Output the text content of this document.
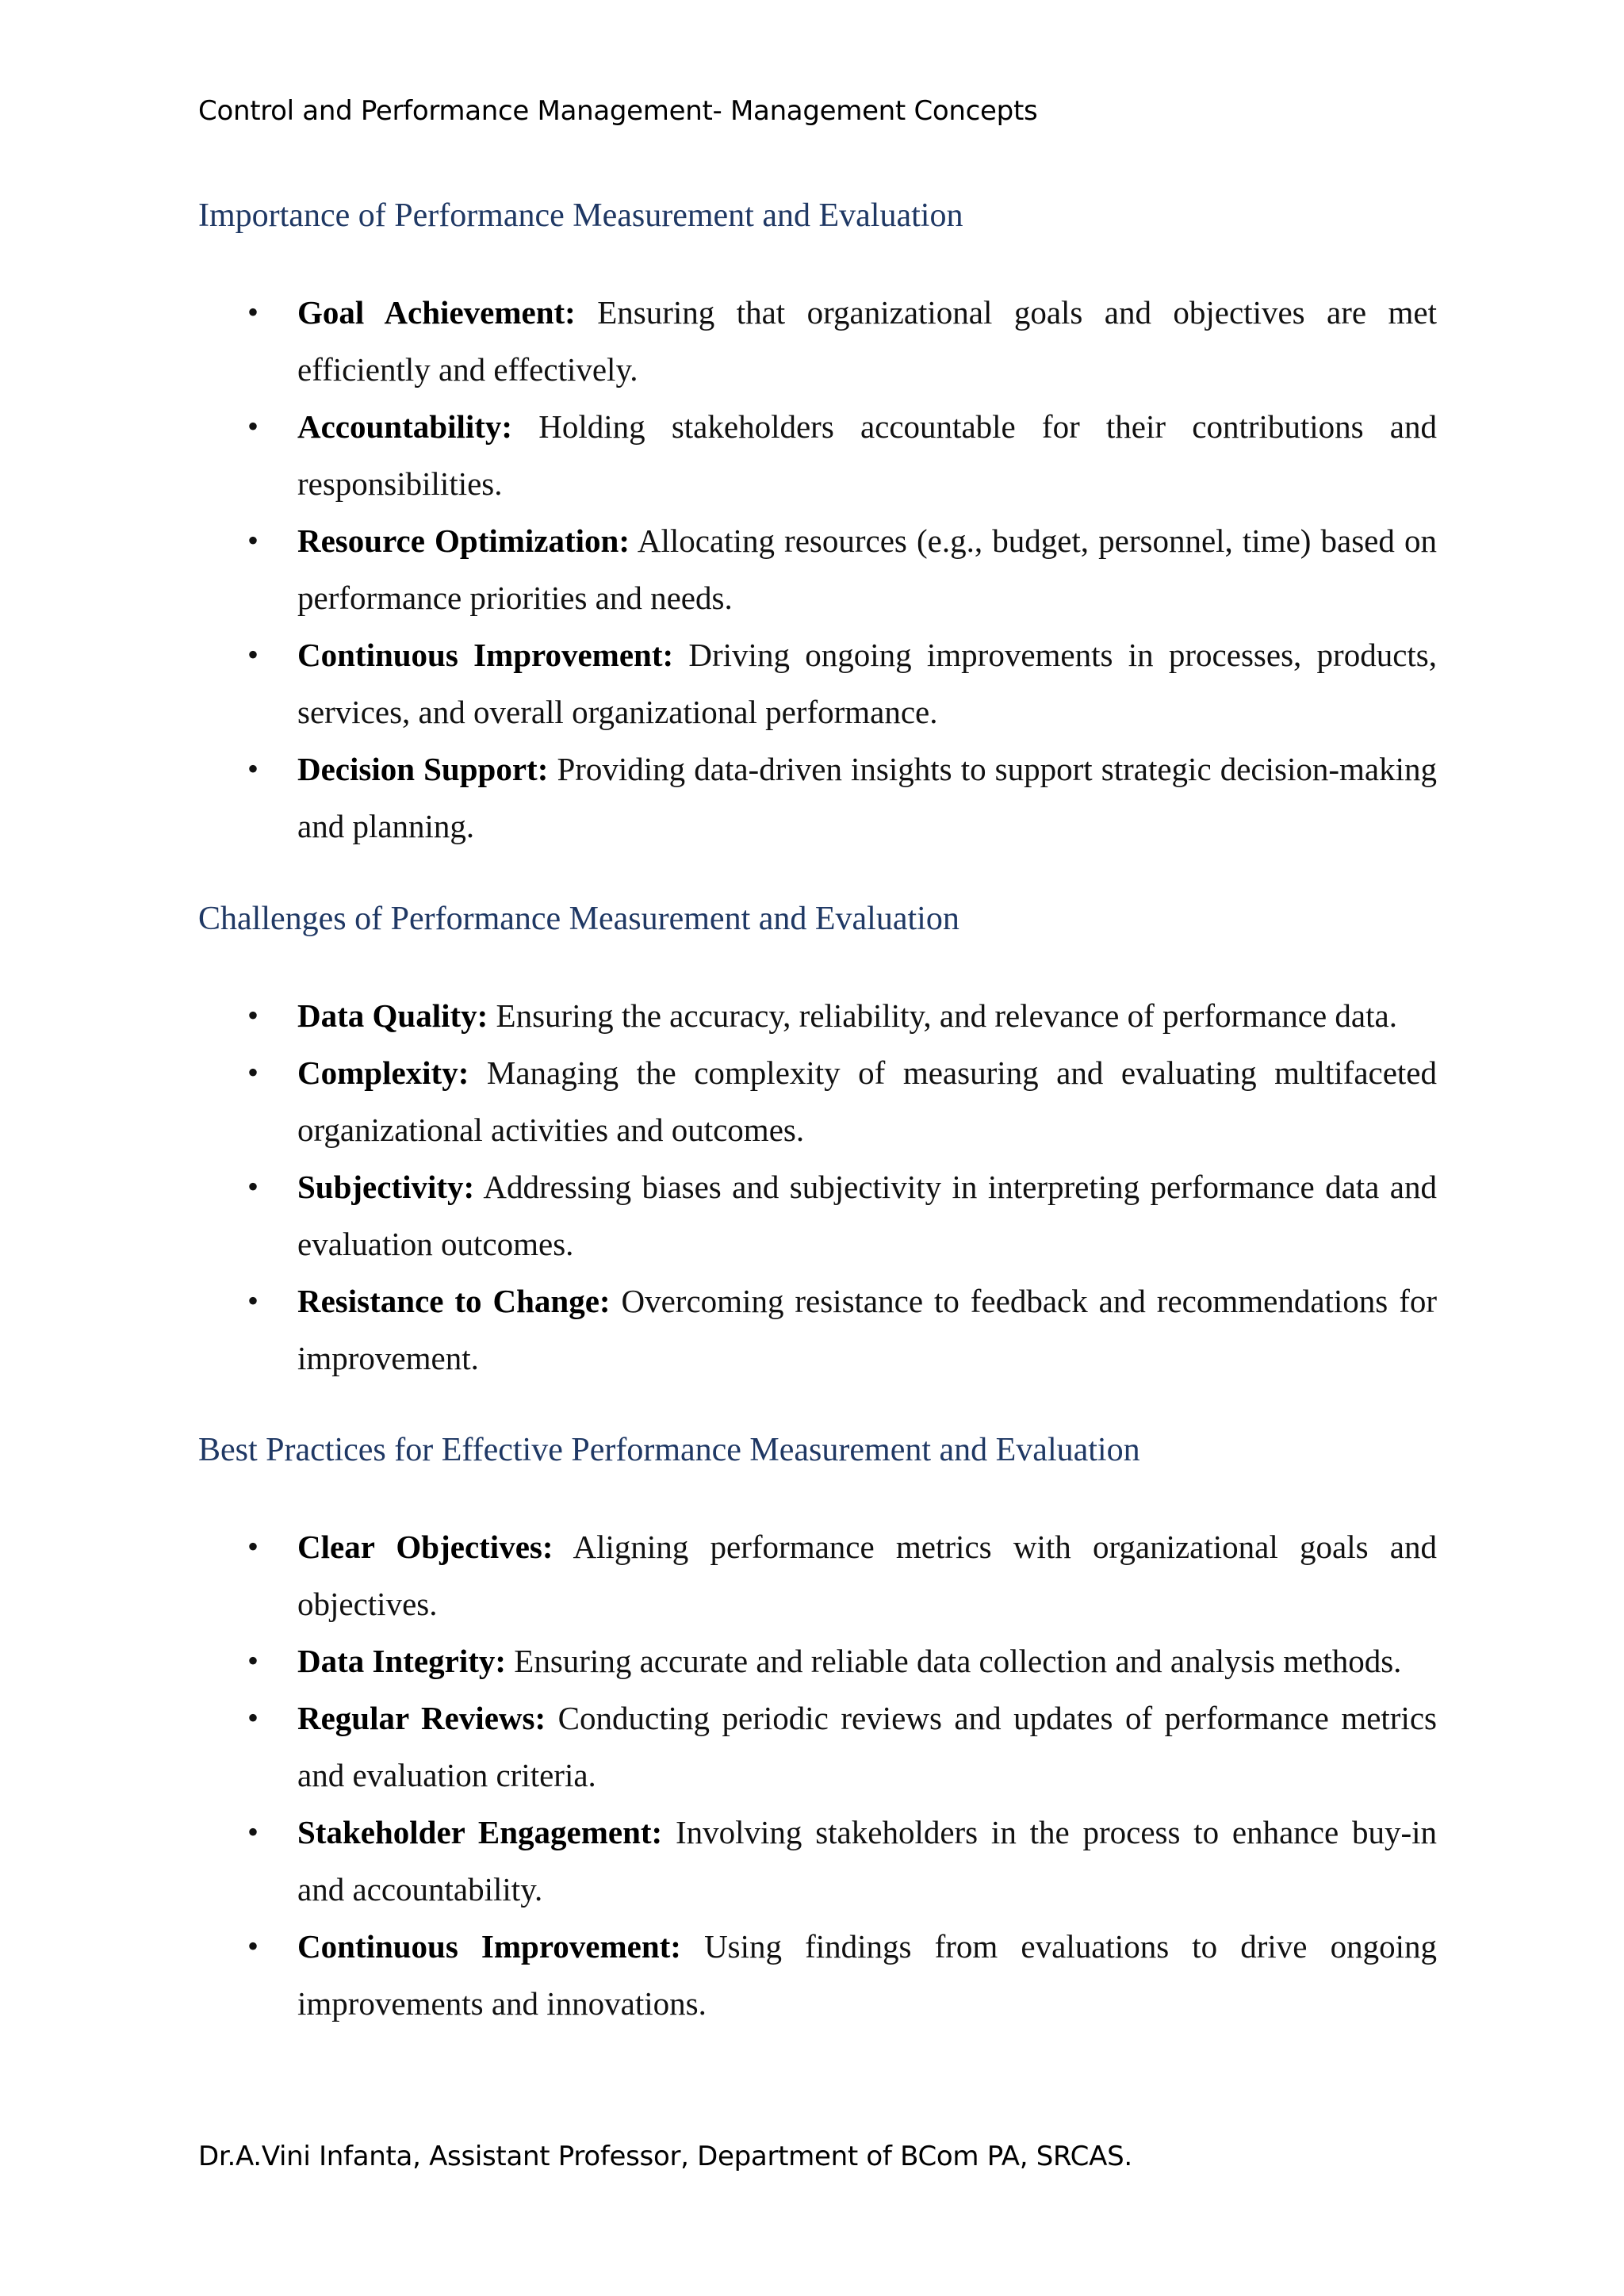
Control and Performance Management- Management Concepts
Importance of Performance Measurement and Evaluation
• Goal Achievement: Ensuring that organizational goals and objectives are met efficiently and effectively.
• Accountability: Holding stakeholders accountable for their contributions and responsibilities.
• Resource Optimization: Allocating resources (e.g., budget, personnel, time) based on performance priorities and needs.
• Continuous Improvement: Driving ongoing improvements in processes, products, services, and overall organizational performance.
• Decision Support: Providing data-driven insights to support strategic decision-making and planning.
Challenges of Performance Measurement and Evaluation
• Data Quality: Ensuring the accuracy, reliability, and relevance of performance data.
• Complexity: Managing the complexity of measuring and evaluating multifaceted organizational activities and outcomes.
• Subjectivity: Addressing biases and subjectivity in interpreting performance data and evaluation outcomes.
• Resistance to Change: Overcoming resistance to feedback and recommendations for improvement.
Best Practices for Effective Performance Measurement and Evaluation
• Clear Objectives: Aligning performance metrics with organizational goals and objectives.
• Data Integrity: Ensuring accurate and reliable data collection and analysis methods.
• Regular Reviews: Conducting periodic reviews and updates of performance metrics and evaluation criteria.
• Stakeholder Engagement: Involving stakeholders in the process to enhance buy-in and accountability.
• Continuous Improvement: Using findings from evaluations to drive ongoing improvements and innovations.
Dr.A.Vini Infanta, Assistant Professor, Department of BCom PA, SRCAS.
